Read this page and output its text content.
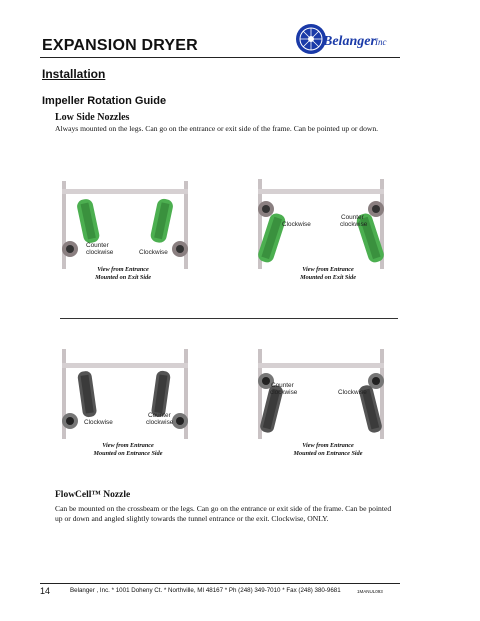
EXPANSION DRYER	Belanger Inc
Installation
Impeller Rotation Guide
Low Side Nozzles
Always mounted on the legs. Can go on the entrance or exit side of the frame. Can be pointed up or down.
Counter
clockwise	Clockwise
View from Entrance
Mounted on Exit Side
Clockwise
Counter
clockwise
View from Entrance
Mounted on Exit Side
Clockwise
Counter
clockwise
View from Entrance
Mounted on Entrance Side
Counter
clockwise	Clockwise
View from Entrance
Mounted on Entrance Side
FlowCell™ Nozzle
Can be mounted on the crossbeam or the legs. Can go on the entrance or exit side of the frame. Can be pointed up or down and angled slightly towards the tunnel entrance or the exit. Clockwise, ONLY.
14	Belanger , Inc. * 1001 Doheny Ct. * Northville, MI 48167 * Ph (248) 349-7010 * Fax (248) 380-9681	1MANUL093
